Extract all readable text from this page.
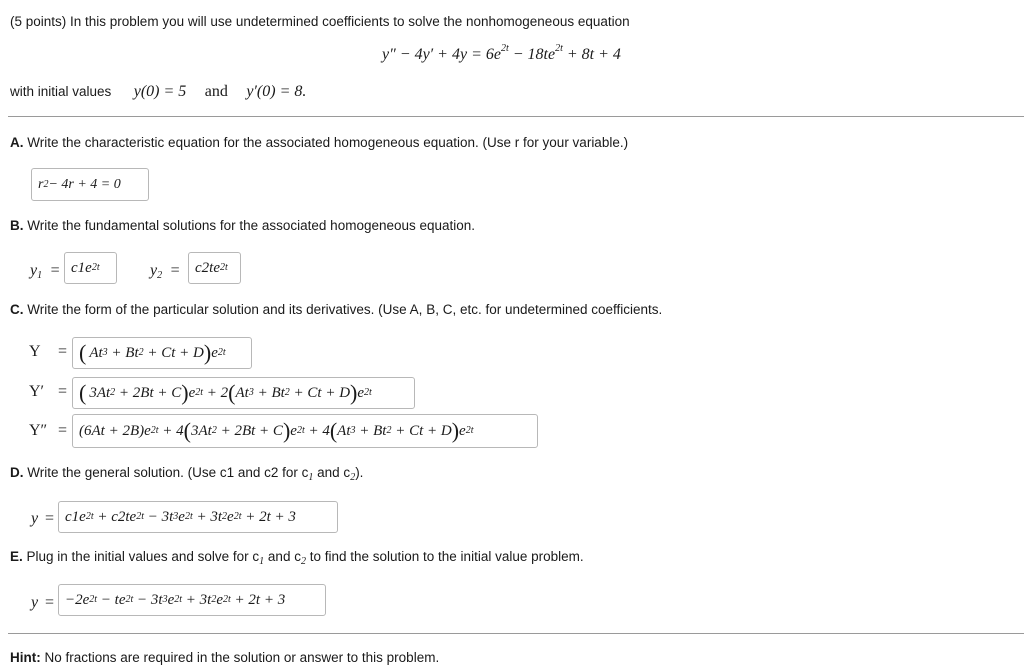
(5 points) In this problem you will use undetermined coefficients to solve the nonhomogeneous equation
$y'' - 4y' + 4y = 6e^{2t} - 18te^{2t} + 8t + 4$
with initial values y(0) = 5 and y′(0) = 8.
A. Write the characteristic equation for the associated homogeneous equation. (Use r for your variable.)
r 2 − 4r + 4 = 0
B. Write the fundamental solutions for the associated homogeneous equation.
$y_1 = c1e$ 2t	$y_2 = c2te$ 2t
C. Write the form of the particular solution and its derivatives. (Use A, B, C, etc. for undetermined coefficients.
Y = (  At 3 + Bt 2 + Ct + D ) e 2t
Y′ = (  3At 2 + 2Bt + C ) e 2t + 2 ( At 3 + Bt 2 + Ct + D ) e 2t
Y″ = (6At + 2B)e 2t + 4 ( 3At 2 + 2Bt + C ) e 2t + 4 ( At 3 + Bt 2 + Ct + D ) e 2t
D. Write the general solution. (Use c1 and c2 for $c_1$ and $c_2$).
y = c1e 2t + c2te 2t − 3t 3 e 2t + 3t 2 e 2t + 2t + 3
E. Plug in the initial values and solve for $c_1$ and $c_2$ to find the solution to the initial value problem.
y = −2e 2t − te 2t − 3t 3 e 2t + 3t 2 e 2t + 2t + 3
Hint: No fractions are required in the solution or answer to this problem.
